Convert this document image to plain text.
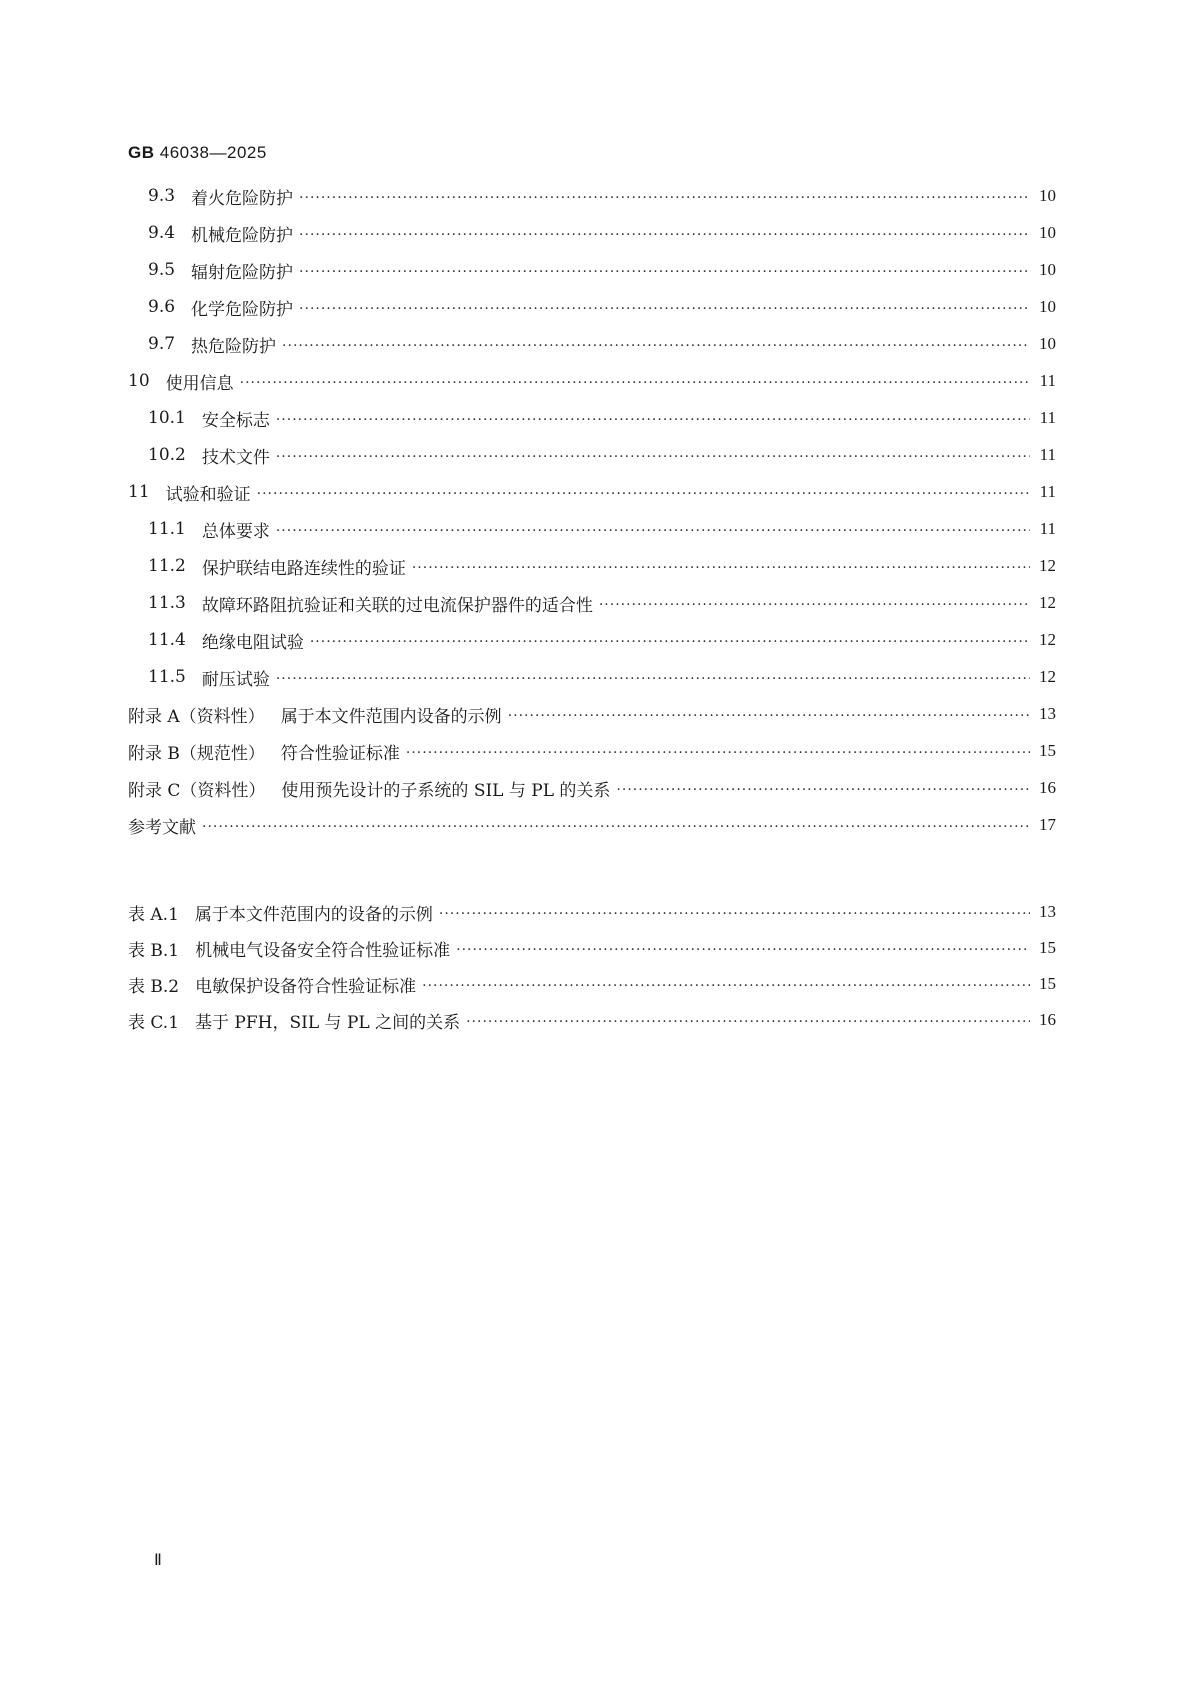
GB 46038—2025
9.3 着火危险防护 ·····	10
9.4 机械危险防护 ·····	10
9.5 辐射危险防护 ·····	10
9.6 化学危险防护 ·····	10
9.7 热危险防护 ·····	10
10 使用信息 ·····	11
10.1 安全标志 ·····	11
10.2 技术文件 ·····	11
11 试验和验证 ·····	11
11.1 总体要求 ·····	11
11.2 保护联结电路连续性的验证 ·····	12
11.3 故障环路阻抗验证和关联的过电流保护器件的适合性 ·····	12
11.4 绝缘电阻试验 ·····	12
11.5 耐压试验 ·····	12
附录 A（资料性） 属于本文件范围内设备的示例 ·····	13
附录 B（规范性） 符合性验证标准 ·····	15
附录 C（资料性） 使用预先设计的子系统的 SIL 与 PL 的关系 ·····	16
参考文献 ·····	17
表 A.1 属于本文件范围内的设备的示例 ·····	13
表 B.1 机械电气设备安全符合性验证标准 ·····	15
表 B.2 电敏保护设备符合性验证标准 ·····	15
表 C.1 基于 PFH，SIL 与 PL 之间的关系 ·····	16
Ⅱ
